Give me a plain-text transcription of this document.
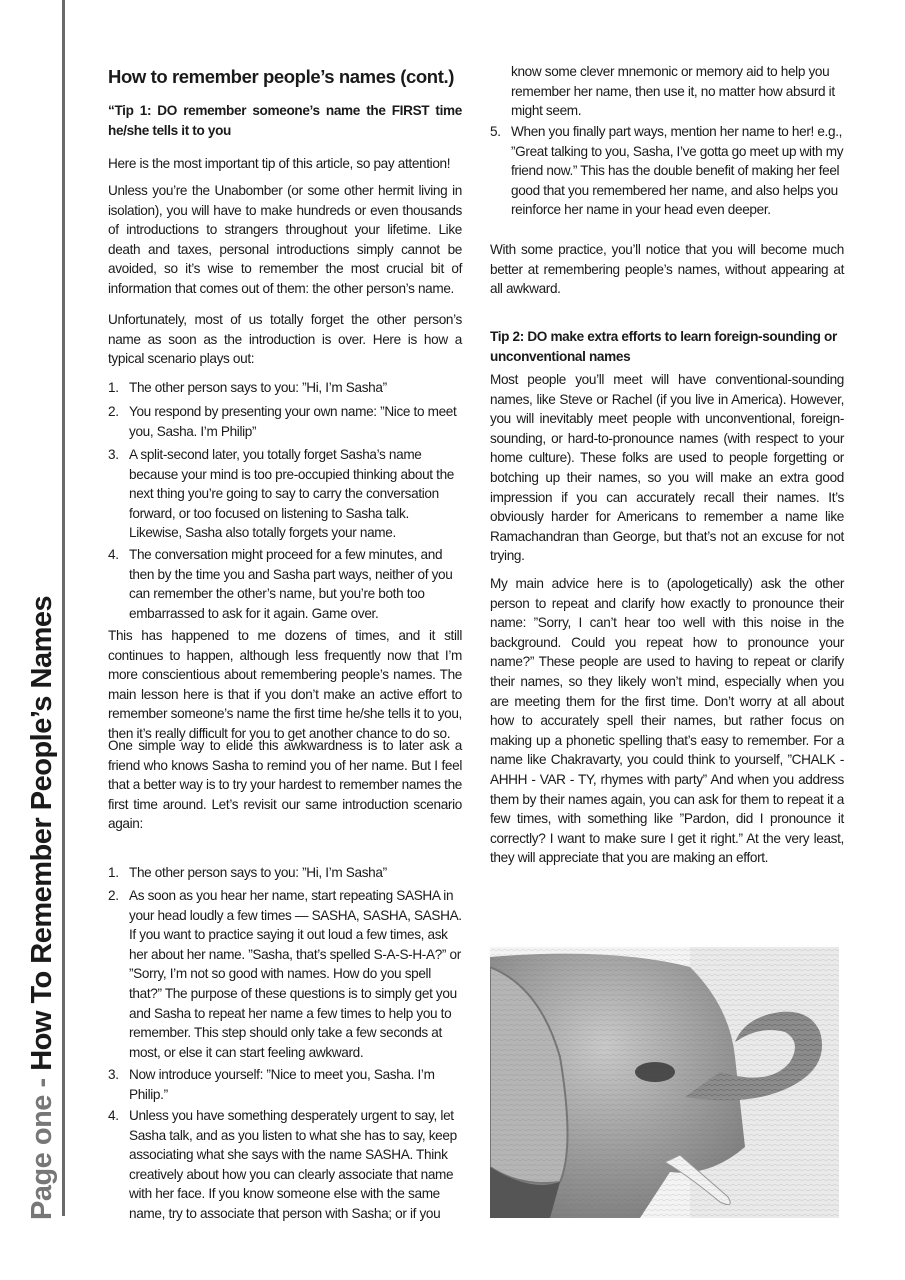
Page one - How To Remember People’s Names
How to remember people’s names (cont.)

“Tip 1: DO remember someone’s name the FIRST time he/she tells it to you

Here is the most important tip of this article, so pay attention!

Unless you’re the Unabomber (or some other hermit living in isolation), you will have to make hundreds or even thousands of introductions to strangers throughout your lifetime. Like death and taxes, personal introductions simply cannot be avoided, so it’s wise to remember the most crucial bit of information that comes out of them: the other person’s name.

Unfortunately, most of us totally forget the other person’s name as soon as the introduction is over. Here is how a typical scenario plays out:

1. The other person says to you: ”Hi, I’m Sasha”
2. You respond by presenting your own name: ”Nice to meet you, Sasha. I’m Philip”
3. A split-second later, you totally forget Sasha’s name because your mind is too pre-occupied thinking about the next thing you’re going to say to carry the conversation forward, or too focused on listening to Sasha talk. Likewise, Sasha also totally forgets your name.
4. The conversation might proceed for a few minutes, and then by the time you and Sasha part ways, neither of you can remember the other’s name, but you’re both too embarrassed to ask for it again. Game over.

This has happened to me dozens of times, and it still continues to happen, although less frequently now that I’m more conscientious about remembering people’s names. The main lesson here is that if you don’t make an active effort to remember someone’s name the first time he/she tells it to you, then it’s really difficult for you to get another chance to do so.

One simple way to elide this awkwardness is to later ask a friend who knows Sasha to remind you of her name. But I feel that a better way is to try your hardest to remember names the first time around. Let’s revisit our same introduction scenario again:

1. The other person says to you: ”Hi, I’m Sasha”
2. As soon as you hear her name, start repeating SASHA in your head loudly a few times — SASHA, SASHA, SASHA. If you want to practice saying it out loud a few times, ask her about her name. ”Sasha, that’s spelled S-A-S-H-A?” or ”Sorry, I’m not so good with names. How do you spell that?” The purpose of these questions is to simply get you and Sasha to repeat her name a few times to help you to remember. This step should only take a few seconds at most, or else it can start feeling awkward.
3. Now introduce yourself: ”Nice to meet you, Sasha. I’m Philip.”
4. Unless you have something desperately urgent to say, let Sasha talk, and as you listen to what she has to say, keep associating what she says with the name SASHA. Think creatively about how you can clearly associate that name with her face. If you know someone else with the same name, try to associate that person with Sasha; or if you
know some clever mnemonic or memory aid to help you remember her name, then use it, no matter how absurd it might seem.
5. When you finally part ways, mention her name to her! e.g., ”Great talking to you, Sasha, I’ve gotta go meet up with my friend now.” This has the double benefit of making her feel good that you remembered her name, and also helps you reinforce her name in your head even deeper.

With some practice, you’ll notice that you will become much better at remembering people’s names, without appearing at all awkward.

Tip 2: DO make extra efforts to learn foreign-sounding or unconventional names

Most people you’ll meet will have conventional-sounding names, like Steve or Rachel (if you live in America). However, you will inevitably meet people with unconventional, foreign-sounding, or hard-to-pronounce names (with respect to your home culture). These folks are used to people forgetting or botching up their names, so you will make an extra good impression if you can accurately recall their names. It’s obviously harder for Americans to remember a name like Ramachandran than George, but that’s not an excuse for not trying.

My main advice here is to (apologetically) ask the other person to repeat and clarify how exactly to pronounce their name: ”Sorry, I can’t hear too well with this noise in the background. Could you repeat how to pronounce your name?” These people are used to having to repeat or clarify their names, so they likely won’t mind, especially when you are meeting them for the first time. Don’t worry at all about how to accurately spell their names, but rather focus on making up a phonetic spelling that’s easy to remember. For a name like Chakravarty, you could think to yourself, ”CHALK - AHHH - VAR - TY, rhymes with party” And when you address them by their names again, you can ask for them to repeat it a few times, with something like ”Pardon, did I pronounce it correctly? I want to make sure I get it right.” At the very least, they will appreciate that you are making an effort.
